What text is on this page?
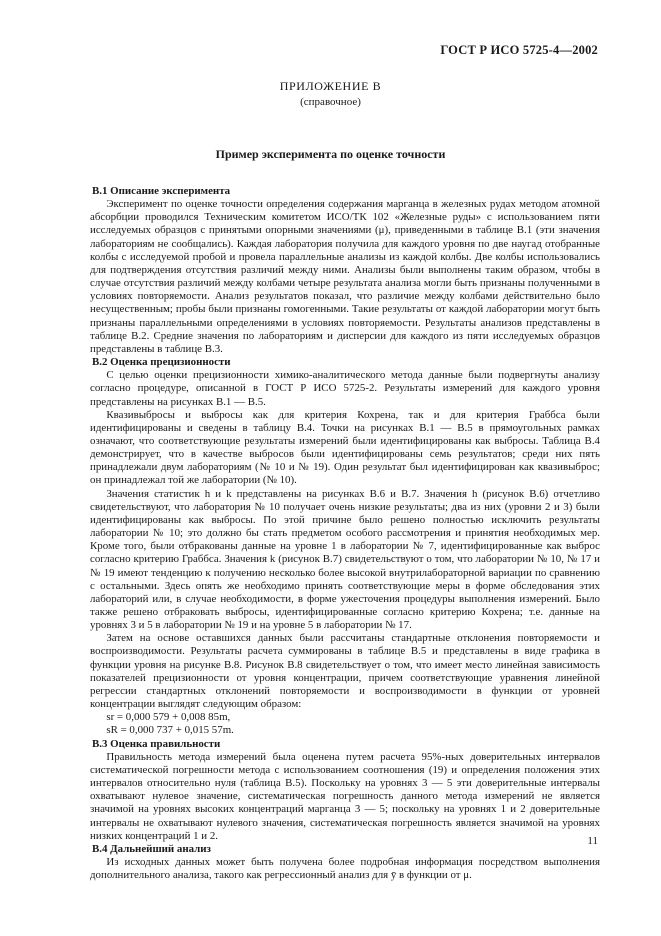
ГОСТ Р ИСО 5725-4—2002
ПРИЛОЖЕНИЕ В
(справочное)
Пример эксперимента по оценке точности
В.1 Описание эксперимента

Эксперимент по оценке точности определения содержания марганца в железных рудах методом атомной абсорбции проводился Техническим комитетом ИСО/ТК 102 «Железные руды» с использованием пяти исследуемых образцов с принятыми опорными значениями (μ), приведенными в таблице В.1 (эти значения лабораториям не сообщались). Каждая лаборатория получила для каждого уровня по две наугад отобранные колбы с исследуемой пробой и провела параллельные анализы из каждой колбы. Две колбы использовались для подтверждения отсутствия различий между ними. Анализы были выполнены таким образом, чтобы в случае отсутствия различий между колбами четыре результата анализа могли быть признаны полученными в условиях повторяемости. Анализ результатов показал, что различие между колбами действительно было несущественным; пробы были признаны гомогенными. Такие результаты от каждой лаборатории могут быть признаны параллельными определениями в условиях повторяемости. Результаты анализов представлены в таблице В.2. Средние значения по лабораториям и дисперсии для каждого из пяти исследуемых образцов представлены в таблице В.3.

В.2 Оценка прецизионности

С целью оценки прецизионности химико-аналитического метода данные были подвергнуты анализу согласно процедуре, описанной в ГОСТ Р ИСО 5725-2. Результаты измерений для каждого уровня представлены на рисунках В.1 — В.5.

Квазивыбросы и выбросы как для критерия Кохрена, так и для критерия Граббса были идентифицированы и сведены в таблицу В.4. Точки на рисунках В.1 — В.5 в прямоугольных рамках означают, что соответствующие результаты измерений были идентифицированы как выбросы. Таблица В.4 демонстрирует, что в качестве выбросов были идентифицированы семь результатов; среди них пять принадлежали двум лабораториям (№ 10 и № 19). Один результат был идентифицирован как квазивыброс; он принадлежал той же лаборатории (№ 10).

Значения статистик h и k представлены на рисунках В.6 и В.7. Значения h (рисунок В.6) отчетливо свидетельствуют, что лаборатория № 10 получает очень низкие результаты; два из них (уровни 2 и 3) были идентифицированы как выбросы. По этой причине было решено полностью исключить результаты лаборатории № 10; это должно бы стать предметом особого рассмотрения и принятия необходимых мер. Кроме того, были отбракованы данные на уровне 1 в лаборатории № 7, идентифицированные как выброс согласно критерию Граббса. Значения k (рисунок В.7) свидетельствуют о том, что лаборатории № 10, № 17 и № 19 имеют тенденцию к получению несколько более высокой внутрилабораторной вариации по сравнению с остальными. Здесь опять же необходимо принять соответствующие меры в форме обследования этих лабораторий или, в случае необходимости, в форме ужесточения процедуры выполнения измерений. Было также решено отбраковать выбросы, идентифицированные согласно критерию Кохрена; т.е. данные на уровнях 3 и 5 в лаборатории № 19 и на уровне 5 в лаборатории № 17.

Затем на основе оставшихся данных были рассчитаны стандартные отклонения повторяемости и воспроизводимости. Результаты расчета суммированы в таблице В.5 и представлены в виде графика в функции уровня на рисунке В.8. Рисунок В.8 свидетельствует о том, что имеет место линейная зависимость показателей прецизионности от уровня концентрации, причем соответствующие уравнения линейной регрессии стандартных отклонений повторяемости и воспроизводимости в функции от уровней концентрации выглядят следующим образом:

sr = 0,000 579 + 0,008 85m,
sR = 0,000 737 + 0,015 57m.
В.3 Оценка правильности

Правильность метода измерений была оценена путем расчета 95%-ных доверительных интервалов систематической погрешности метода с использованием соотношения (19) и определения положения этих интервалов относительно нуля (таблица В.5). Поскольку на уровнях 3 — 5 эти доверительные интервалы охватывают нулевое значение, систематическая погрешность данного метода измерений не является значимой на уровнях высоких концентраций марганца 3 — 5; поскольку на уровнях 1 и 2 доверительные интервалы не охватывают нулевого значения, систематическая погрешность является значимой на уровнях низких концентраций 1 и 2.

В.4 Дальнейший анализ

Из исходных данных может быть получена более подробная информация посредством выполнения дополнительного анализа, такого как регрессионный анализ для ȳ в функции от μ.

11
